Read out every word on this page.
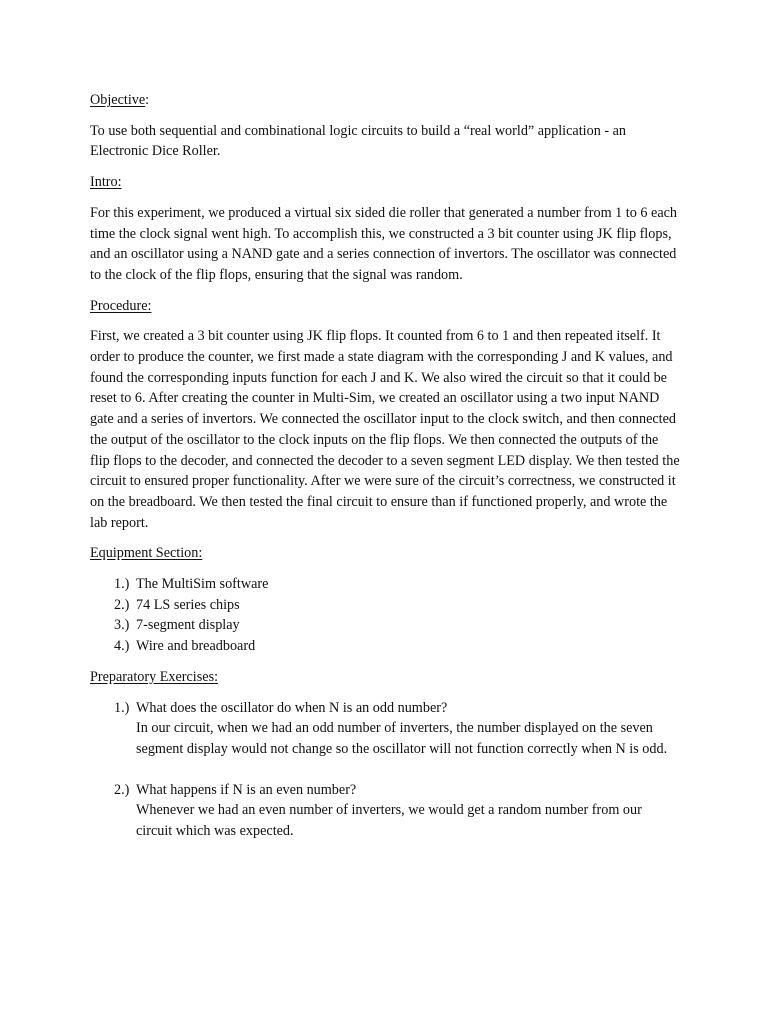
Objective:

To use both sequential and combinational logic circuits to build a “real world” application - an Electronic Dice Roller.

Intro:

For this experiment, we produced a virtual six sided die roller that generated a number from 1 to 6 each time the clock signal went high. To accomplish this, we constructed a 3 bit counter using JK flip flops, and an oscillator using a NAND gate and a series connection of invertors. The oscillator was connected to the clock of the flip flops, ensuring that the signal was random.

Procedure:

First, we created a 3 bit counter using JK flip flops. It counted from 6 to 1 and then repeated itself. It order to produce the counter, we first made a state diagram with the corresponding J and K values, and found the corresponding inputs function for each J and K. We also wired the circuit so that it could be reset to 6. After creating the counter in Multi-Sim, we created an oscillator using a two input NAND gate and a series of invertors. We connected the oscillator input to the clock switch, and then connected the output of the oscillator to the clock inputs on the flip flops. We then connected the outputs of the flip flops to the decoder, and connected the decoder to a seven segment LED display. We then tested the circuit to ensured proper functionality. After we were sure of the circuit’s correctness, we constructed it on the breadboard. We then tested the final circuit to ensure than if functioned properly, and wrote the lab report.

Equipment Section:

1.) The MultiSim software
2.) 74 LS series chips
3.) 7-segment display
4.) Wire and breadboard

Preparatory Exercises:

1.) What does the oscillator do when N is an odd number?
In our circuit, when we had an odd number of inverters, the number displayed on the seven segment display would not change so the oscillator will not function correctly when N is odd.
2.) What happens if N is an even number?
Whenever we had an even number of inverters, we would get a random number from our circuit which was expected.
